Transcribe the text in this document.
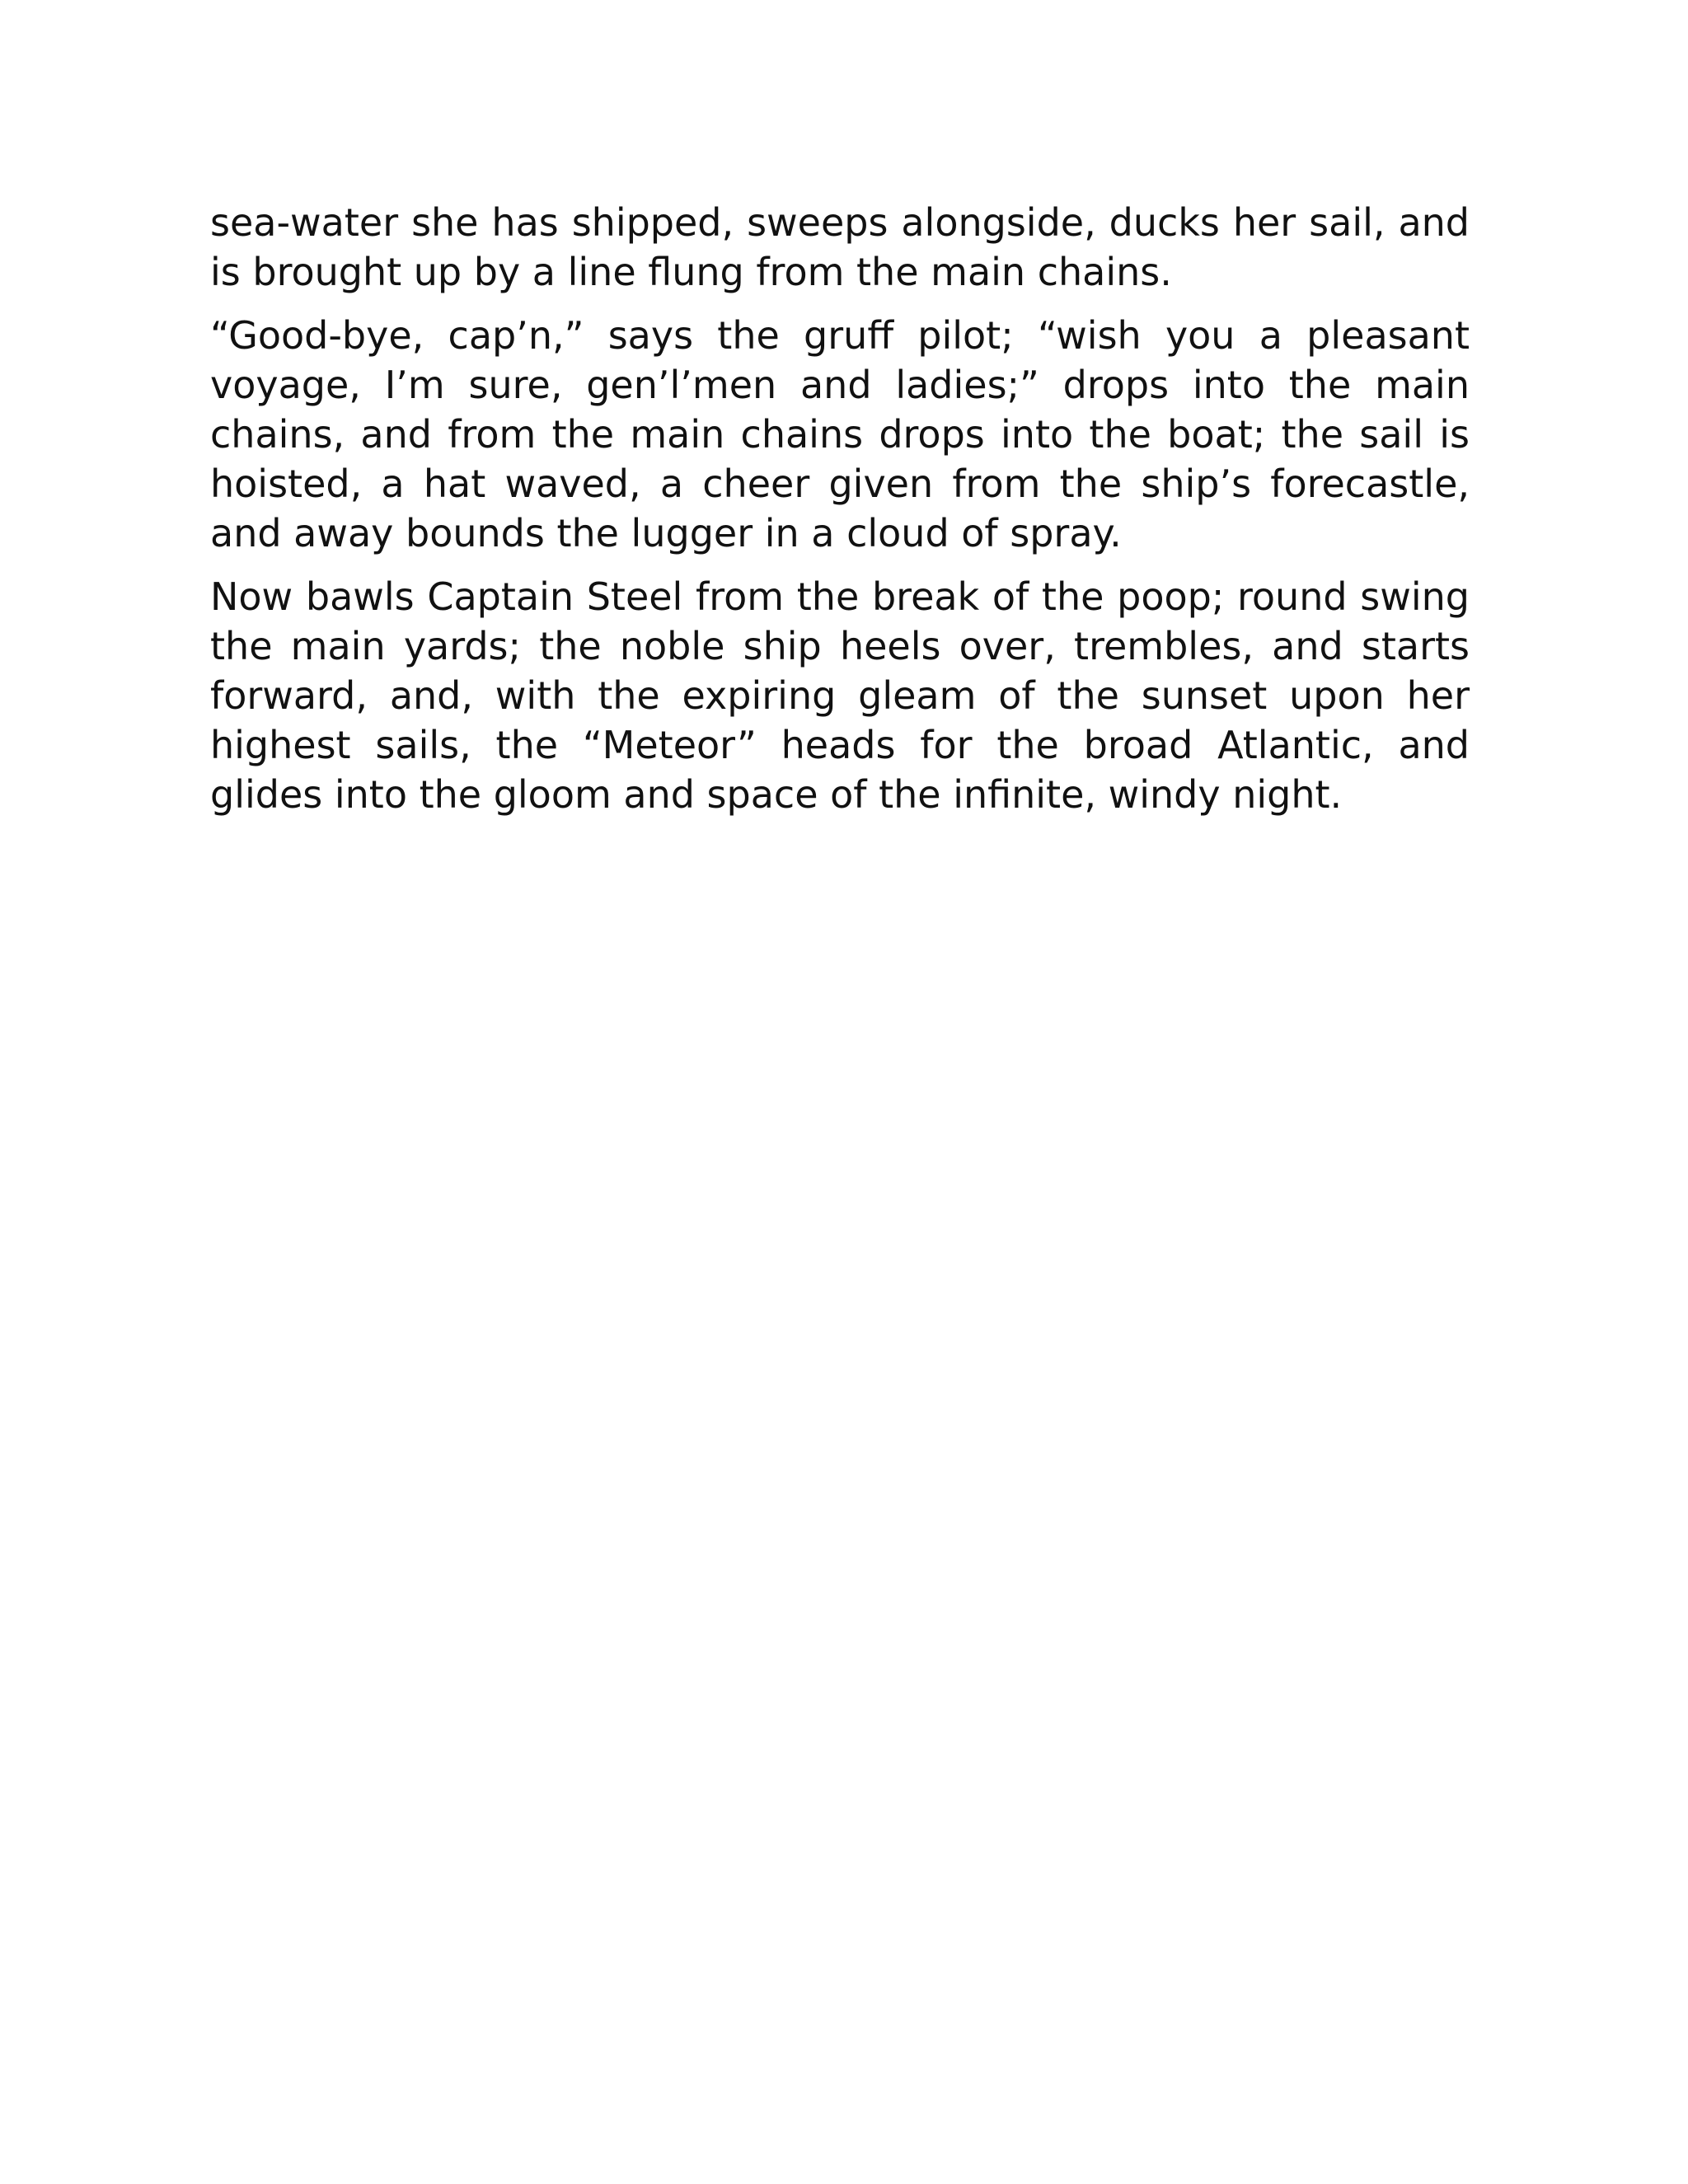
sea-water she has shipped, sweeps alongside, ducks her sail, and is brought up by a line flung from the main chains.

“Good-bye, cap’n,” says the gruff pilot; “wish you a pleasant voyage, I’m sure, gen’l’men and ladies;” drops into the main chains, and from the main chains drops into the boat; the sail is hoisted, a hat waved, a cheer given from the ship’s forecastle, and away bounds the lugger in a cloud of spray.

Now bawls Captain Steel from the break of the poop; round swing the main yards; the noble ship heels over, trembles, and starts forward, and, with the expiring gleam of the sunset upon her highest sails, the “Meteor” heads for the broad Atlantic, and glides into the gloom and space of the infinite, windy night.
